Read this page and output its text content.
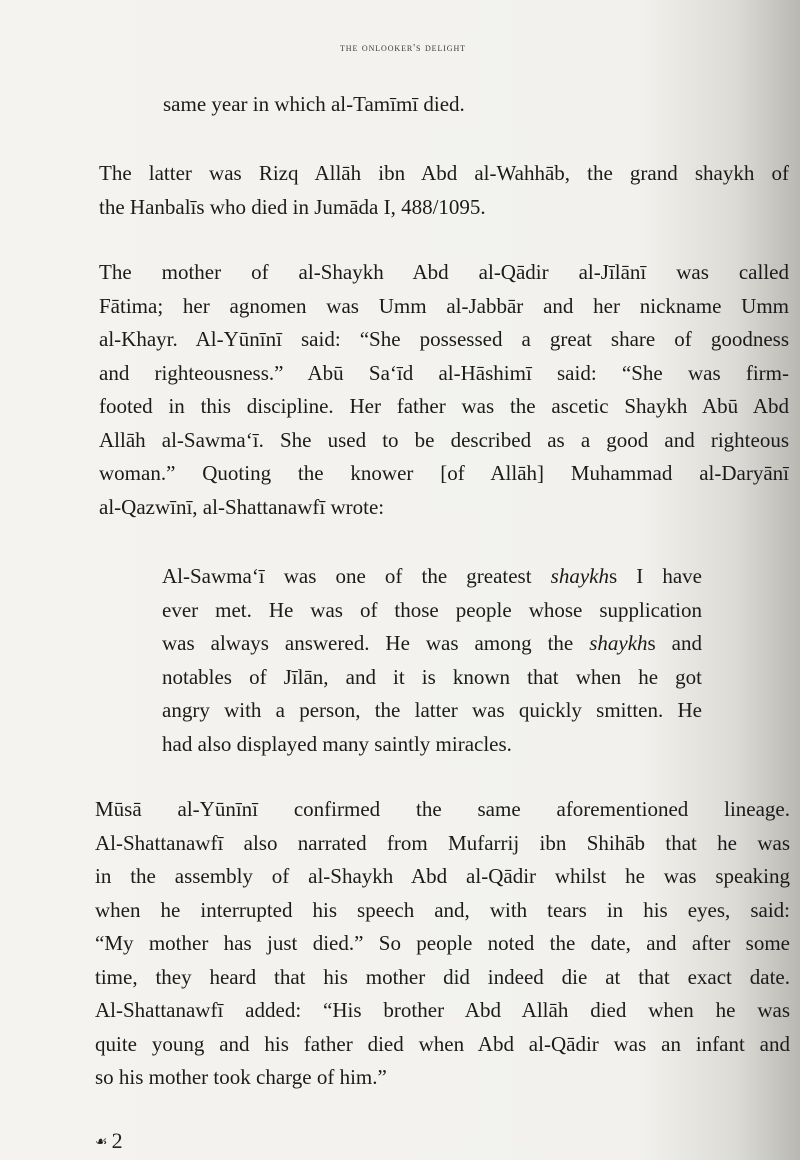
the onlooker's delight
same year in which al-Tamīmī died.
The latter was Rizq Allāh ibn Abd al-Wahhāb, the grand shaykh of
the Hanbalīs who died in Jumāda I, 488/1095.
The mother of al-Shaykh Abd al-Qādir al-Jīlānī was called
Fātima; her agnomen was Umm al-Jabbār and her nickname Umm
al-Khayr. Al-Yūnīnī said: “She possessed a great share of goodness
and righteousness.” Abū Sa‘īd al-Hāshimī said: “She was firm-
footed in this discipline. Her father was the ascetic Shaykh Abū Abd
Allāh al-Sawma‘ī. She used to be described as a good and righteous
woman.” Quoting the knower [of Allāh] Muhammad al-Daryānī
al-Qazwīnī, al-Shattanawfī wrote:
Al-Sawma‘ī was one of the greatest shaykhs I have
ever met. He was of those people whose supplication
was always answered. He was among the shaykhs and
notables of Jīlān, and it is known that when he got
angry with a person, the latter was quickly smitten. He
had also displayed many saintly miracles.
Mūsā al-Yūnīnī confirmed the same aforementioned lineage.
Al-Shattanawfī also narrated from Mufarrij ibn Shihāb that he was
in the assembly of al-Shaykh Abd al-Qādir whilst he was speaking
when he interrupted his speech and, with tears in his eyes, said:
“My mother has just died.” So people noted the date, and after some
time, they heard that his mother did indeed die at that exact date.
Al-Shattanawfī added: “His brother Abd Allāh died when he was
quite young and his father died when Abd al-Qādir was an infant and
so his mother took charge of him.”
☙ 2
